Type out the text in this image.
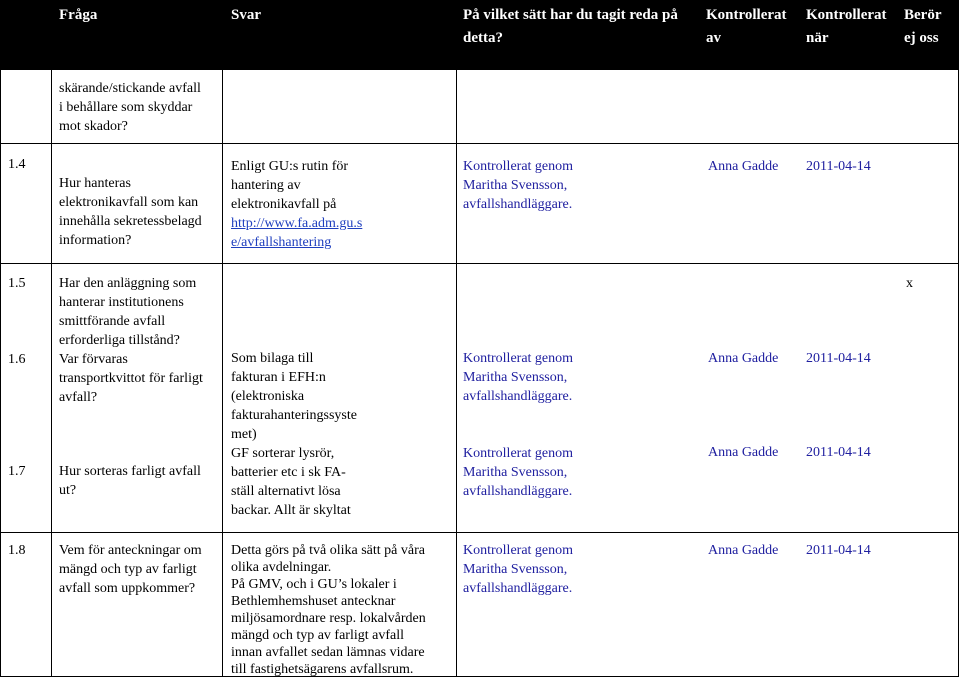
Fråga	Svar	På vilket sätt har du tagit reda på
detta?
Kontrollerat
av
Kontrollerat
när
Berör
ej oss
skärande/stickande avfall
i behållare som skyddar
mot skador?
1.4
Hur hanteras
elektronikavfall som kan
innehålla sekretessbelagd
information?
Enligt GU:s rutin för
hantering av
elektronikavfall på
http://www.fa.adm.gu.s
e/avfallshantering
Kontrollerat genom
Maritha Svensson,
avfallshandläggare.
Anna Gadde 2011-04-14
1.5 Har den anläggning som
hanterar institutionens
smittförande avfall
erforderliga tillstånd?
x
1.6 Var förvaras
transportkvittot för farligt
avfall?
Som bilaga till
fakturan i EFH:n
(elektroniska
fakturahanteringssyste
met)
Kontrollerat genom
Maritha Svensson,
avfallshandläggare.
Anna Gadde 2011-04-14
1.7 Hur sorteras farligt avfall
ut?
GF sorterar lysrör,
batterier etc i sk FA-
ställ alternativt lösa
backar. Allt är skyltat
Kontrollerat genom
Maritha Svensson,
avfallshandläggare.
Anna Gadde 2011-04-14
1.8 Vem för anteckningar om
mängd och typ av farligt
avfall som uppkommer?
Detta görs på två olika sätt på våra
olika avdelningar.
På GMV, och i GU’s lokaler i
Bethlemhemshuset antecknar
miljösamordnare resp. lokalvården
mängd och typ av farligt avfall
innan avfallet sedan lämnas vidare
till fastighetsägarens avfallsrum.
Kontrollerat genom
Maritha Svensson,
avfallshandläggare.
Anna Gadde 2011-04-14
